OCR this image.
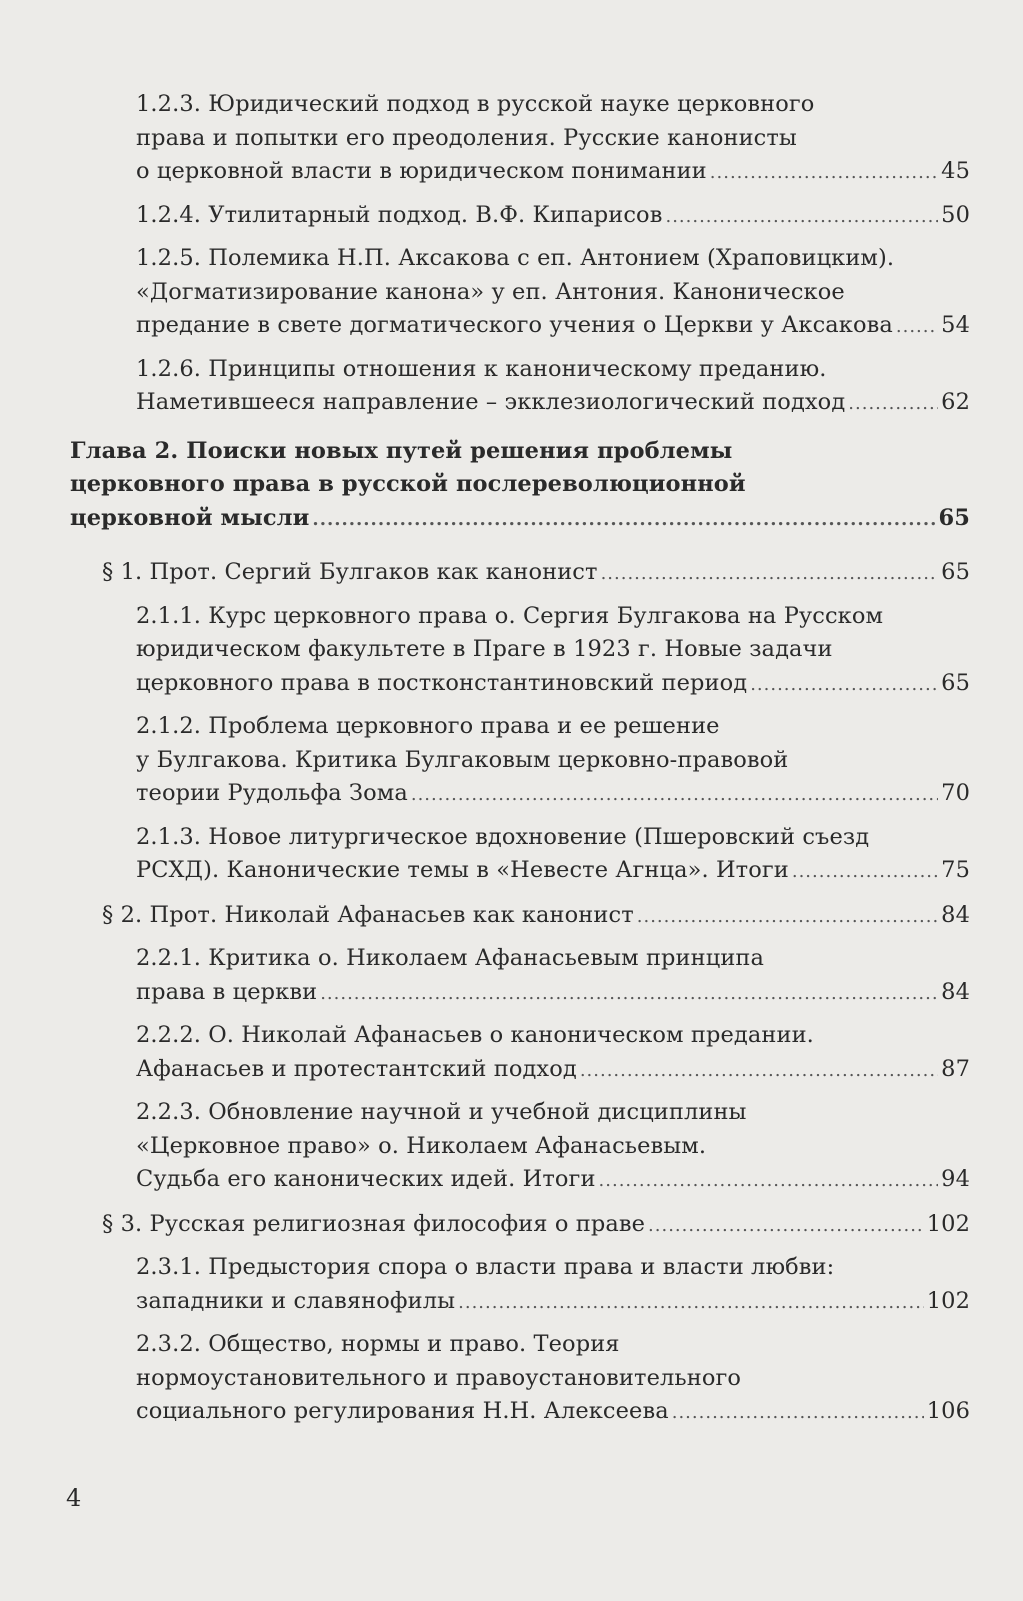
1.2.3. Юридический подход в русской науке церковного
права и попытки его преодоления. Русские канонисты
о церковной власти в юридическом понимании .....	45
1.2.4. Утилитарный подход. В.Ф. Кипарисов .....	50
1.2.5. Полемика Н.П. Аксакова с еп. Антонием (Храповицким).
«Догматизирование канона» у еп. Антония. Каноническое
предание в свете догматического учения о Церкви у Аксакова ..... 54
1.2.6. Принципы отношения к каноническому преданию.
Наметившееся направление – экклезиологический подход .....	62
Глава 2. Поиски новых путей решения проблемы
церковного права в русской послереволюционной
церковной мысли .....	65
§ 1. Прот. Сергий Булгаков как канонист .....	65
2.1.1. Курс церковного права о. Сергия Булгакова на Русском
юридическом факультете в Праге в 1923 г. Новые задачи
церковного права в постконстантиновский период .....	65
2.1.2. Проблема церковного права и ее решение
у Булгакова. Критика Булгаковым церковно-правовой
теории Рудольфа Зома .....	70
2.1.3. Новое литургическое вдохновение (Пшеровский съезд
РСХД). Канонические темы в «Невесте Агнца». Итоги .....	75
§ 2. Прот. Николай Афанасьев как канонист .....	84
2.2.1. Критика о. Николаем Афанасьевым принципа
права в церкви .....	84
2.2.2. О. Николай Афанасьев о каноническом предании.
Афанасьев и протестантский подход .....	87
2.2.3. Обновление научной и учебной дисциплины
«Церковное право» о. Николаем Афанасьевым.
Судьба его канонических идей. Итоги .....	94
§ 3. Русская религиозная философия о праве .....	102
2.3.1. Предыстория спора о власти права и власти любви:
западники и славянофилы .....	102
2.3.2. Общество, нормы и право. Теория
нормоустановительного и правоустановительного
социального регулирования Н.Н. Алексеева .....	106
4
